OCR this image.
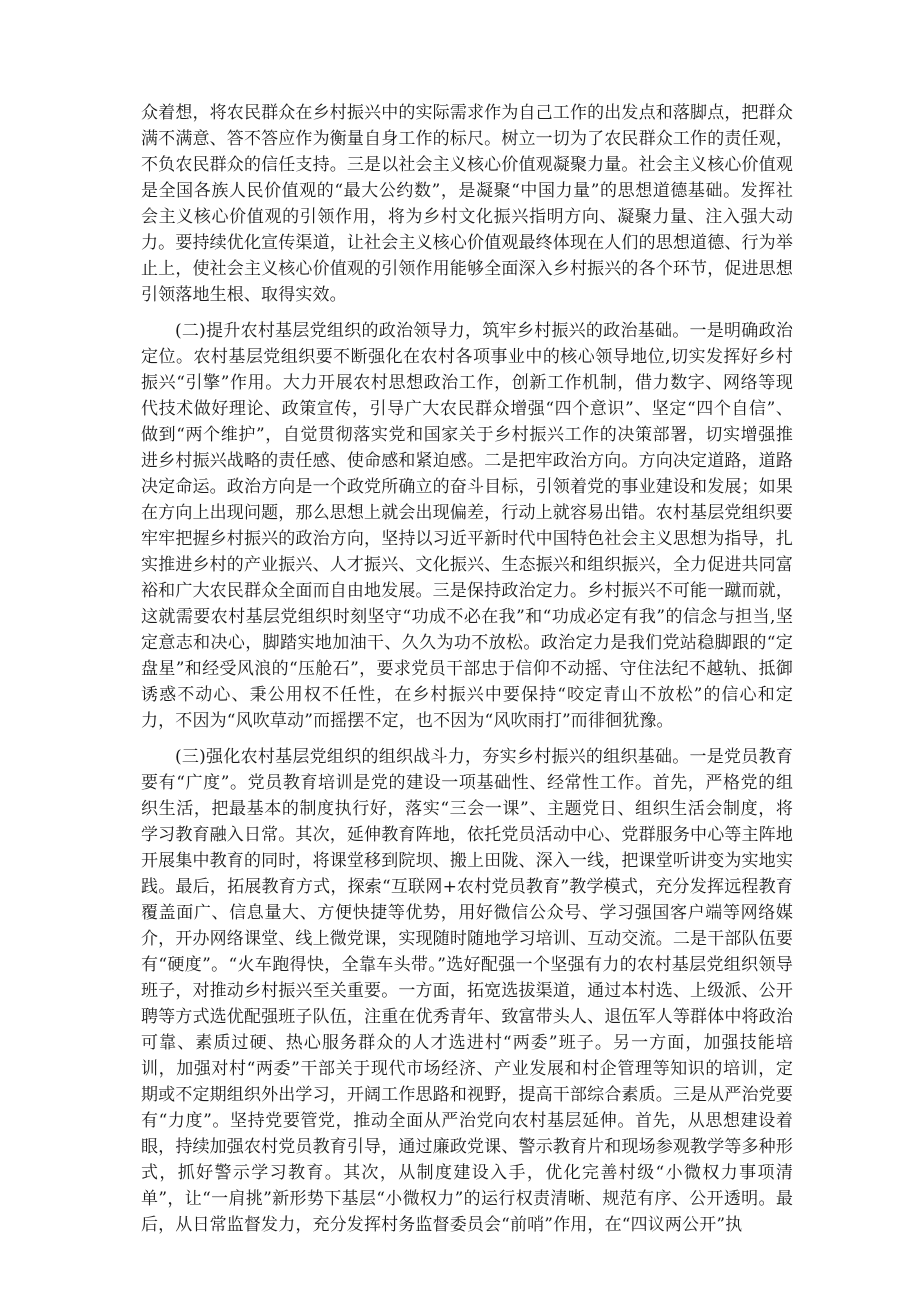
众着想，将农民群众在乡村振兴中的实际需求作为自己工作的出发点和落脚点，把群众满不满意、答不答应作为衡量自身工作的标尺。树立一切为了农民群众工作的责任观，不负农民群众的信任支持。三是以社会主义核心价值观凝聚力量。社会主义核心价值观是全国各族人民价值观的“最大公约数”，是凝聚“中国力量”的思想道德基础。发挥社会主义核心价值观的引领作用，将为乡村文化振兴指明方向、凝聚力量、注入强大动力。要持续优化宣传渠道，让社会主义核心价值观最终体现在人们的思想道德、行为举止上，使社会主义核心价值观的引领作用能够全面深入乡村振兴的各个环节，促进思想引领落地生根、取得实效。

(二)提升农村基层党组织的政治领导力，筑牢乡村振兴的政治基础。一是明确政治定位。农村基层党组织要不断强化在农村各项事业中的核心领导地位,切实发挥好乡村振兴“引擎”作用。大力开展农村思想政治工作，创新工作机制，借力数字、网络等现代技术做好理论、政策宣传，引导广大农民群众增强“四个意识”、坚定“四个自信”、做到“两个维护”，自觉贯彻落实党和国家关于乡村振兴工作的决策部署，切实增强推进乡村振兴战略的责任感、使命感和紧迫感。二是把牢政治方向。方向决定道路，道路决定命运。政治方向是一个政党所确立的奋斗目标，引领着党的事业建设和发展；如果在方向上出现问题，那么思想上就会出现偏差，行动上就容易出错。农村基层党组织要牢牢把握乡村振兴的政治方向，坚持以习近平新时代中国特色社会主义思想为指导，扎实推进乡村的产业振兴、人才振兴、文化振兴、生态振兴和组织振兴，全力促进共同富裕和广大农民群众全面而自由地发展。三是保持政治定力。乡村振兴不可能一蹴而就，这就需要农村基层党组织时刻坚守“功成不必在我”和“功成必定有我”的信念与担当,坚定意志和决心，脚踏实地加油干、久久为功不放松。政治定力是我们党站稳脚跟的“定盘星”和经受风浪的“压舱石”，要求党员干部忠于信仰不动摇、守住法纪不越轨、抵御诱惑不动心、秉公用权不任性，在乡村振兴中要保持“咬定青山不放松”的信心和定力，不因为“风吹草动”而摇摆不定，也不因为“风吹雨打”而徘徊犹豫。

(三)强化农村基层党组织的组织战斗力，夯实乡村振兴的组织基础。一是党员教育要有“广度”。党员教育培训是党的建设一项基础性、经常性工作。首先，严格党的组织生活，把最基本的制度执行好，落实“三会一课”、主题党日、组织生活会制度，将学习教育融入日常。其次，延伸教育阵地，依托党员活动中心、党群服务中心等主阵地开展集中教育的同时，将课堂移到院坝、搬上田陇、深入一线，把课堂听讲变为实地实践。最后，拓展教育方式，探索“互联网+农村党员教育”教学模式，充分发挥远程教育覆盖面广、信息量大、方便快捷等优势，用好微信公众号、学习强国客户端等网络媒介，开办网络课堂、线上微党课，实现随时随地学习培训、互动交流。二是干部队伍要有“硬度”。“火车跑得快，全靠车头带。”选好配强一个坚强有力的农村基层党组织领导班子，对推动乡村振兴至关重要。一方面，拓宽选拔渠道，通过本村选、上级派、公开聘等方式选优配强班子队伍，注重在优秀青年、致富带头人、退伍军人等群体中将政治可靠、素质过硬、热心服务群众的人才选进村“两委”班子。另一方面，加强技能培训，加强对村“两委”干部关于现代市场经济、产业发展和村企管理等知识的培训，定期或不定期组织外出学习，开阔工作思路和视野，提高干部综合素质。三是从严治党要有“力度”。坚持党要管党，推动全面从严治党向农村基层延伸。首先，从思想建设着眼，持续加强农村党员教育引导，通过廉政党课、警示教育片和现场参观教学等多种形式，抓好警示学习教育。其次，从制度建设入手，优化完善村级“小微权力事项清单”，让“一肩挑”新形势下基层“小微权力”的运行权责清晰、规范有序、公开透明。最后，从日常监督发力，充分发挥村务监督委员会“前哨”作用，在“四议两公开”执
